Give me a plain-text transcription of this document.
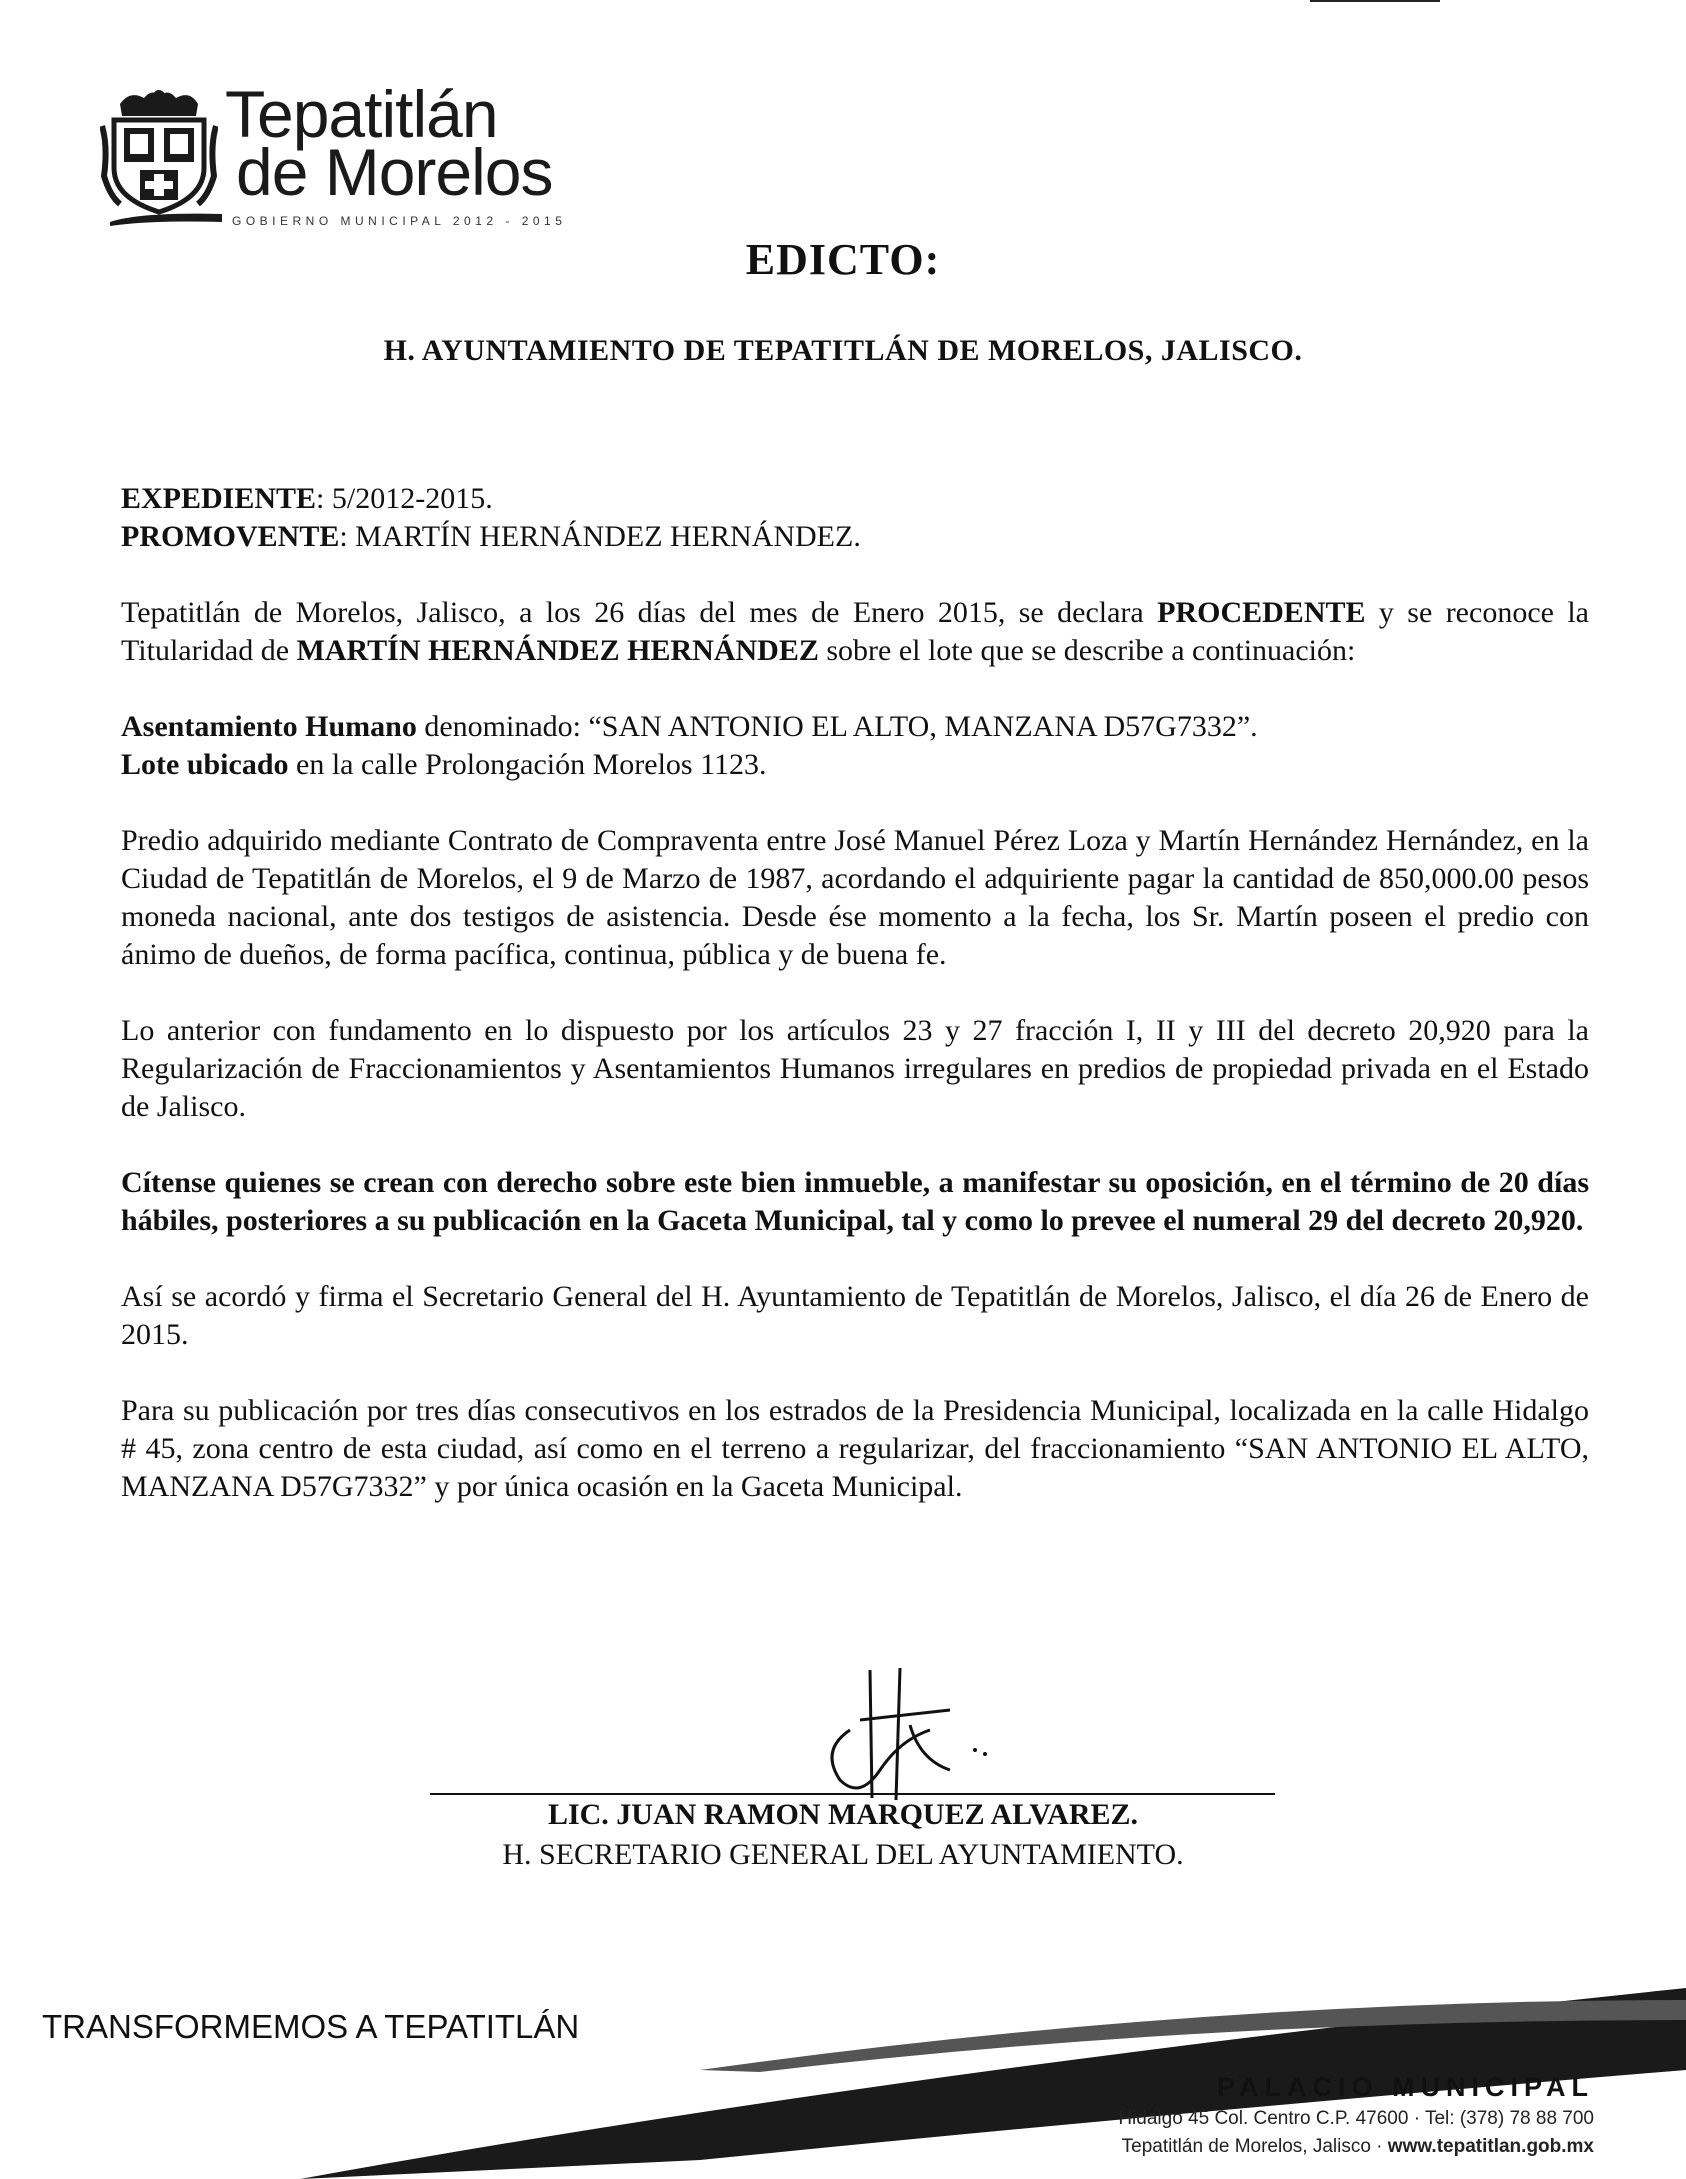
Tepatitlán
de Morelos
GOBIERNO MUNICIPAL 2012 - 2015
EDICTO:
H. AYUNTAMIENTO DE TEPATITLÁN DE MORELOS, JALISCO.

EXPEDIENTE: 5/2012-2015.

PROMOVENTE: MARTÍN HERNÁNDEZ HERNÁNDEZ.

Tepatitlán de Morelos, Jalisco, a los 26 días del mes de Enero 2015, se declara PROCEDENTE y se reconoce la Titularidad de MARTÍN HERNÁNDEZ HERNÁNDEZ sobre el lote que se describe a continuación:

Asentamiento Humano denominado: “SAN ANTONIO EL ALTO, MANZANA D57G7332”.

Lote ubicado en la calle Prolongación Morelos 1123.

Predio adquirido mediante Contrato de Compraventa entre José Manuel Pérez Loza y Martín Hernández Hernández, en la Ciudad de Tepatitlán de Morelos, el 9 de Marzo de 1987, acordando el adquiriente pagar la cantidad de 850,000.00 pesos moneda nacional, ante dos testigos de asistencia. Desde ése momento a la fecha, los Sr. Martín poseen el predio con ánimo de dueños, de forma pacífica, continua, pública y de buena fe.

Lo anterior con fundamento en lo dispuesto por los artículos 23 y 27 fracción I, II y III del decreto 20,920 para la Regularización de Fraccionamientos y Asentamientos Humanos irregulares en predios de propiedad privada en el Estado de Jalisco.

Cítense quienes se crean con derecho sobre este bien inmueble, a manifestar su oposición, en el término de 20 días hábiles, posteriores a su publicación en la Gaceta Municipal, tal y como lo prevee el numeral 29 del decreto 20,920.

Así se acordó y firma el Secretario General del H. Ayuntamiento de Tepatitlán de Morelos, Jalisco, el día 26 de Enero de 2015.

Para su publicación por tres días consecutivos en los estrados de la Presidencia Municipal, localizada en la calle Hidalgo # 45, zona centro de esta ciudad, así como en el terreno a regularizar, del fraccionamiento “SAN ANTONIO EL ALTO, MANZANA D57G7332” y por única ocasión en la Gaceta Municipal.

LIC. JUAN RAMON MARQUEZ ALVAREZ.
H. SECRETARIO GENERAL DEL AYUNTAMIENTO.
TRANSFORMEMOS A TEPATITLÁN
PALACIO MUNICIPAL
Hidalgo 45 Col. Centro C.P. 47600 · Tel: (378) 78 88 700
Tepatitlán de Morelos, Jalisco · www.tepatitlan.gob.mx
